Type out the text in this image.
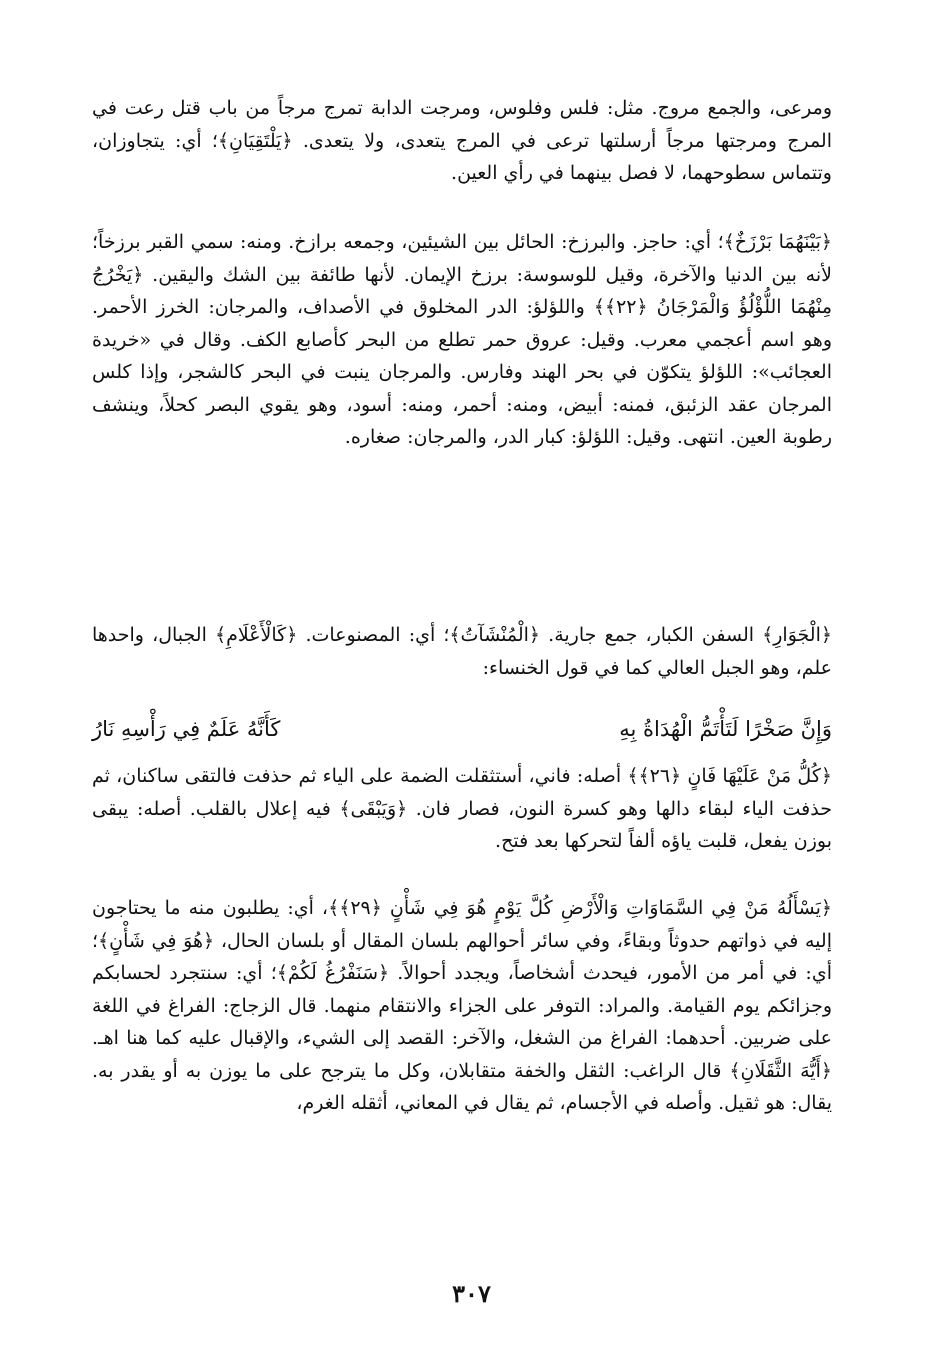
ومرعى، والجمع مروج. مثل: فلس وفلوس، ومرجت الدابة تمرج مرجاً من باب قتل رعت في المرج ومرجتها مرجاً أرسلتها ترعى في المرج يتعدى، ولا يتعدى. ﴿يَلْتَقِيَانِ﴾؛ أي: يتجاوزان، وتتماس سطوحهما، لا فصل بينهما في رأي العين.

﴿بَيْنَهُمَا بَرْزَخٌ﴾؛ أي: حاجز. والبرزخ: الحائل بين الشيئين، وجمعه برازخ. ومنه: سمي القبر برزخاً؛ لأنه بين الدنيا والآخرة، وقيل للوسوسة: برزخ الإيمان. لأنها طائفة بين الشك واليقين. ﴿يَخْرُجُ مِنْهُمَا اللُّؤْلُؤُ وَالْمَرْجَانُ ﴿٢٢﴾﴾ واللؤلؤ: الدر المخلوق في الأصداف، والمرجان: الخرز الأحمر. وهو اسم أعجمي معرب. وقيل: عروق حمر تطلع من البحر كأصابع الكف. وقال في «خريدة العجائب»: اللؤلؤ يتكوّن في بحر الهند وفارس. والمرجان ينبت في البحر كالشجر، وإذا كلس المرجان عقد الزئبق، فمنه: أبيض، ومنه: أحمر، ومنه: أسود، وهو يقوي البصر كحلاً، وينشف رطوبة العين. انتهى. وقيل: اللؤلؤ: كبار الدر، والمرجان: صغاره.

﴿الْجَوَارِ﴾ السفن الكبار، جمع جارية. ﴿الْمُنْشَآتُ﴾؛ أي: المصنوعات. ﴿كَالْأَعْلَامِ﴾ الجبال، واحدها علم، وهو الجبل العالي كما في قول الخنساء:

وَإِنَّ صَخْرًا لَتَأْتَمُّ الْهُدَاةُ بِهِ
كَأَنَّهُ عَلَمٌ فِي رَأْسِهِ نَارُ

﴿كُلُّ مَنْ عَلَيْهَا فَانٍ ﴿٢٦﴾﴾ أصله: فاني، أستثقلت الضمة على الياء ثم حذفت فالتقى ساكنان، ثم حذفت الياء لبقاء دالها وهو كسرة النون، فصار فان. ﴿وَيَبْقَى﴾ فيه إعلال بالقلب. أصله: يبقى بوزن يفعل، قلبت ياؤه ألفاً لتحركها بعد فتح.

﴿يَسْأَلُهُ مَنْ فِي السَّمَاوَاتِ وَالْأَرْضِ كُلَّ يَوْمٍ هُوَ فِي شَأْنٍ ﴿٢٩﴾﴾، أي: يطلبون منه ما يحتاجون إليه في ذواتهم حدوثاً وبقاءً، وفي سائر أحوالهم بلسان المقال أو بلسان الحال، ﴿هُوَ فِي شَأْنٍ﴾؛ أي: في أمر من الأمور، فيحدث أشخاصاً، ويجدد أحوالاً. ﴿سَنَفْرُغُ لَكُمْ﴾؛ أي: سنتجرد لحسابكم وجزائكم يوم القيامة. والمراد: التوفر على الجزاء والانتقام منهما. قال الزجاج: الفراغ في اللغة على ضربين. أحدهما: الفراغ من الشغل، والآخر: القصد إلى الشيء، والإقبال عليه كما هنا اهـ. ﴿أَيُّهَ الثَّقَلَانِ﴾ قال الراغب: الثقل والخفة متقابلان، وكل ما يترجح على ما يوزن به أو يقدر به. يقال: هو ثقيل. وأصله في الأجسام، ثم يقال في المعاني، أثقله الغرم،

٣٠٧
